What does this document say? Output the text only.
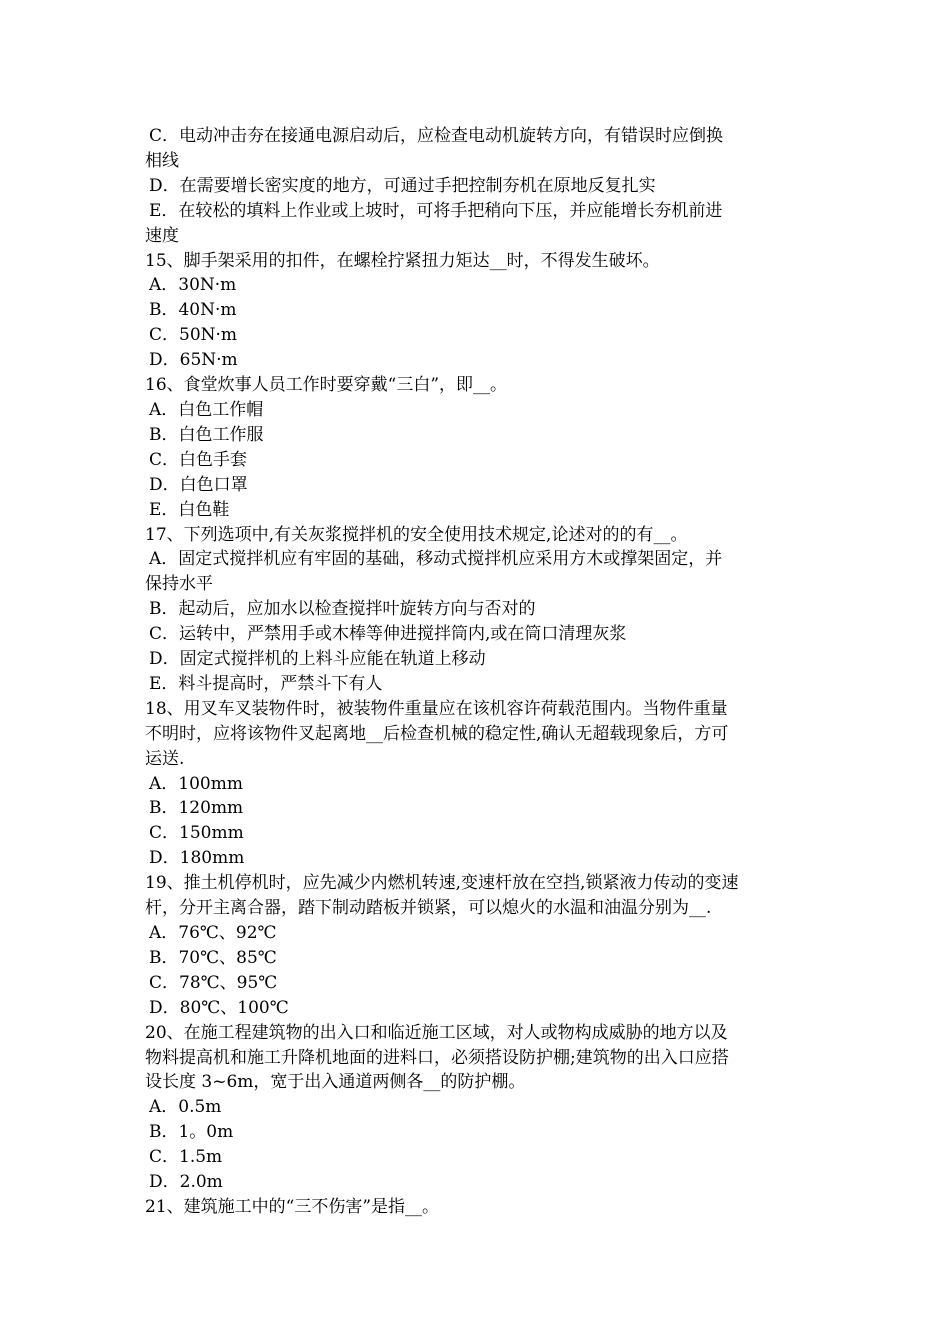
C．电动冲击夯在接通电源启动后，应检查电动机旋转方向，有错误时应倒换
相线
D．在需要增长密实度的地方，可通过手把控制夯机在原地反复扎实
E．在较松的填料上作业或上坡时，可将手把稍向下压，并应能增长夯机前进
速度
15、脚手架采用的扣件，在螺栓拧紧扭力矩达__时，不得发生破坏。
A．30N·m
B．40N·m
C．50N·m
D．65N·m
16、食堂炊事人员工作时要穿戴“三白”，即__。
A．白色工作帽
B．白色工作服
C．白色手套
D．白色口罩
E．白色鞋
17、下列选项中,有关灰浆搅拌机的安全使用技术规定,论述对的的有__。
A．固定式搅拌机应有牢固的基础，移动式搅拌机应采用方木或撑架固定，并
保持水平
B．起动后，应加水以检查搅拌叶旋转方向与否对的
C．运转中，严禁用手或木棒等伸进搅拌筒内,或在筒口清理灰浆
D．固定式搅拌机的上料斗应能在轨道上移动
E．料斗提高时，严禁斗下有人
18、用叉车叉装物件时，被装物件重量应在该机容许荷载范围内。当物件重量
不明时，应将该物件叉起离地__后检查机械的稳定性,确认无超载现象后，方可
运送.
A．100mm
B．120mm
C．150mm
D．180mm
19、推土机停机时，应先减少内燃机转速,变速杆放在空挡,锁紧液力传动的变速
杆，分开主离合器，踏下制动踏板并锁紧，可以熄火的水温和油温分别为__.
A．76℃、92℃
B．70℃、85℃
C．78℃、95℃
D．80℃、100℃
20、在施工程建筑物的出入口和临近施工区域，对人或物构成威胁的地方以及
物料提高机和施工升降机地面的进料口，必须搭设防护棚;建筑物的出入口应搭
设长度 3~6m，宽于出入通道两侧各__的防护棚。
A．0.5m
B．1。0m
C．1.5m
D．2.0m
21、建筑施工中的“三不伤害”是指__。
